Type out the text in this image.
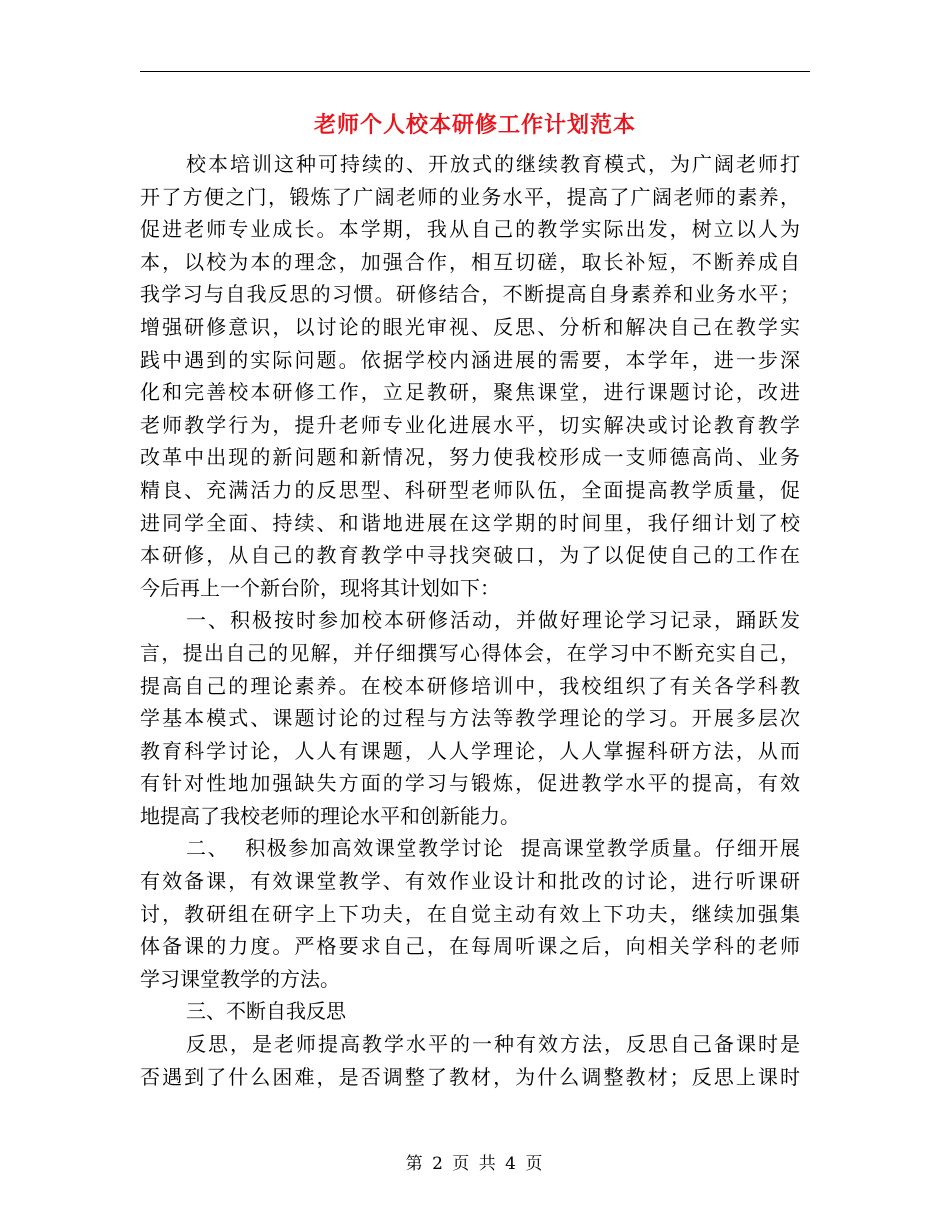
老师个人校本研修工作计划范本
校本培训这种可持续的、开放式的继续教育模式，为广阔老师打
开了方便之门，锻炼了广阔老师的业务水平，提高了广阔老师的素养，
促进老师专业成长。本学期，我从自己的教学实际出发，树立以人为
本，以校为本的理念，加强合作，相互切磋，取长补短，不断养成自
我学习与自我反思的习惯。研修结合，不断提高自身素养和业务水平；
增强研修意识，以讨论的眼光审视、反思、分析和解决自己在教学实
践中遇到的实际问题。依据学校内涵进展的需要，本学年，进一步深
化和完善校本研修工作，立足教研，聚焦课堂，进行课题讨论，改进
老师教学行为，提升老师专业化进展水平，切实解决或讨论教育教学
改革中出现的新问题和新情况，努力使我校形成一支师德高尚、业务
精良、充满活力的反思型、科研型老师队伍，全面提高教学质量，促
进同学全面、持续、和谐地进展在这学期的时间里，我仔细计划了校
本研修，从自己的教育教学中寻找突破口，为了以促使自己的工作在
今后再上一个新台阶，现将其计划如下：
一、积极按时参加校本研修活动，并做好理论学习记录，踊跃发
言，提出自己的见解，并仔细撰写心得体会，在学习中不断充实自己，
提高自己的理论素养。在校本研修培训中，我校组织了有关各学科教
学基本模式、课题讨论的过程与方法等教学理论的学习。开展多层次
教育科学讨论，人人有课题，人人学理论，人人掌握科研方法，从而
有针对性地加强缺失方面的学习与锻炼，促进教学水平的提高，有效
地提高了我校老师的理论水平和创新能力。
二、  积极参加高效课堂教学讨论  提高课堂教学质量。仔细开展
有效备课，有效课堂教学、有效作业设计和批改的讨论，进行听课研
讨，教研组在研字上下功夫，在自觉主动有效上下功夫，继续加强集
体备课的力度。严格要求自己，在每周听课之后，向相关学科的老师
学习课堂教学的方法。
三、不断自我反思
反思，是老师提高教学水平的一种有效方法，反思自己备课时是
否遇到了什么困难，是否调整了教材，为什么调整教材；反思上课时
第 2 页 共 4 页
